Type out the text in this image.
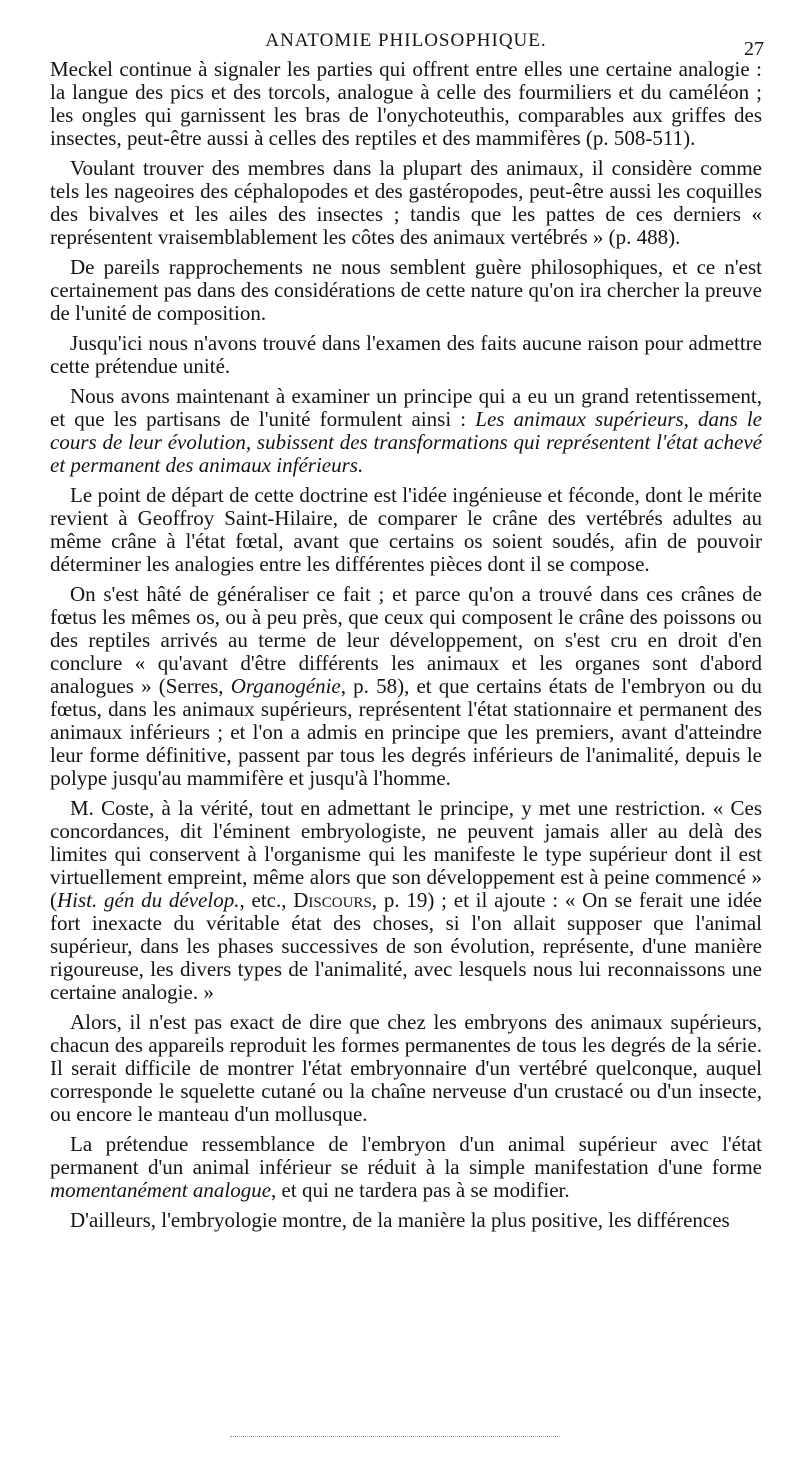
ANATOMIE PHILOSOPHIQUE.	27

Meckel continue à signaler les parties qui offrent entre elles une certaine analogie : la langue des pics et des torcols, analogue à celle des fourmiliers et du caméléon ; les ongles qui garnissent les bras de l'onychoteuthis, comparables aux griffes des insectes, peut-être aussi à celles des reptiles et des mammifères (p. 508-511).

Voulant trouver des membres dans la plupart des animaux, il considère comme tels les nageoires des céphalopodes et des gastéropodes, peut-être aussi les coquilles des bivalves et les ailes des insectes ; tandis que les pattes de ces derniers « représentent vraisemblablement les côtes des animaux vertébrés » (p. 488).

De pareils rapprochements ne nous semblent guère philosophiques, et ce n'est certainement pas dans des considérations de cette nature qu'on ira chercher la preuve de l'unité de composition.

Jusqu'ici nous n'avons trouvé dans l'examen des faits aucune raison pour admettre cette prétendue unité.

Nous avons maintenant à examiner un principe qui a eu un grand retentissement, et que les partisans de l'unité formulent ainsi : Les animaux supérieurs, dans le cours de leur évolution, subissent des transformations qui représentent l'état achevé et permanent des animaux inférieurs.

Le point de départ de cette doctrine est l'idée ingénieuse et féconde, dont le mérite revient à Geoffroy Saint-Hilaire, de comparer le crâne des vertébrés adultes au même crâne à l'état fœtal, avant que certains os soient soudés, afin de pouvoir déterminer les analogies entre les différentes pièces dont il se compose.

On s'est hâté de généraliser ce fait ; et parce qu'on a trouvé dans ces crânes de fœtus les mêmes os, ou à peu près, que ceux qui composent le crâne des poissons ou des reptiles arrivés au terme de leur développement, on s'est cru en droit d'en conclure « qu'avant d'être différents les animaux et les organes sont d'abord analogues » (Serres, Organogénie, p. 58), et que certains états de l'embryon ou du fœtus, dans les animaux supérieurs, représentent l'état stationnaire et permanent des animaux inférieurs ; et l'on a admis en principe que les premiers, avant d'atteindre leur forme définitive, passent par tous les degrés inférieurs de l'animalité, depuis le polype jusqu'au mammifère et jusqu'à l'homme.

M. Coste, à la vérité, tout en admettant le principe, y met une restriction. « Ces concordances, dit l'éminent embryologiste, ne peuvent jamais aller au delà des limites qui conservent à l'organisme qui les manifeste le type supérieur dont il est virtuellement empreint, même alors que son développement est à peine commencé » (Hist. gén du dévelop., etc., Discours, p. 19) ; et il ajoute : « On se ferait une idée fort inexacte du véritable état des choses, si l'on allait supposer que l'animal supérieur, dans les phases successives de son évolution, représente, d'une manière rigoureuse, les divers types de l'animalité, avec lesquels nous lui reconnaissons une certaine analogie. »

Alors, il n'est pas exact de dire que chez les embryons des animaux supérieurs, chacun des appareils reproduit les formes permanentes de tous les degrés de la série. Il serait difficile de montrer l'état embryonnaire d'un vertébré quelconque, auquel corresponde le squelette cutané ou la chaîne nerveuse d'un crustacé ou d'un insecte, ou encore le manteau d'un mollusque.

La prétendue ressemblance de l'embryon d'un animal supérieur avec l'état permanent d'un animal inférieur se réduit à la simple manifestation d'une forme momentanément analogue, et qui ne tardera pas à se modifier.

D'ailleurs, l'embryologie montre, de la manière la plus positive, les différences
